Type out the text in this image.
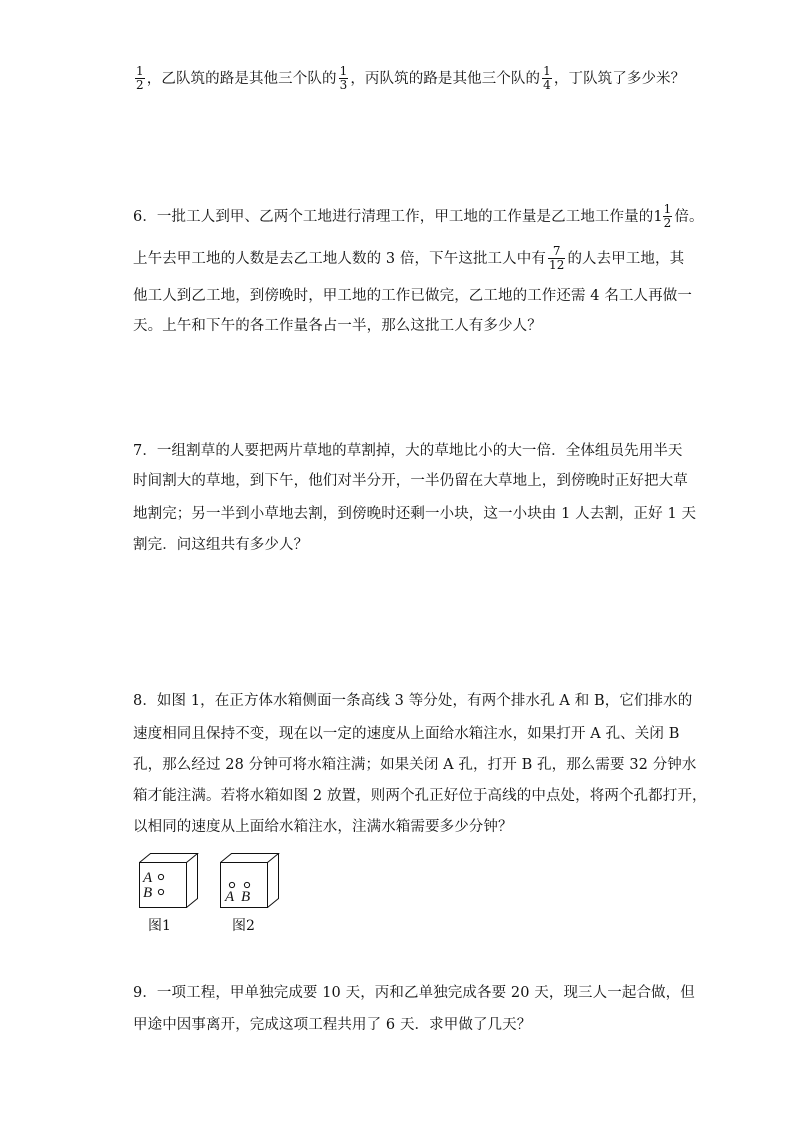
$\frac{1}{2}$ ，乙队筑的路是其他三个队的 $\frac{1}{3}$ ，丙队筑的路是其他三个队的 $\frac{1}{4}$ ，丁队筑了多少米？
6．一批工人到甲、乙两个工地进行清理工作，甲工地的工作量是乙工地工作量的$1 \frac{1}{2}$ 倍。
上午去甲工地的人数是去乙工地人数的 3 倍，下午这批工人中有 $\frac{7}{12}$ 的人去甲工地，其
他工人到乙工地，到傍晚时，甲工地的工作已做完，乙工地的工作还需 4 名工人再做一
天。上午和下午的各工作量各占一半，那么这批工人有多少人？
7．一组割草的人要把两片草地的草割掉，大的草地比小的大一倍．全体组员先用半天
时间割大的草地，到下午，他们对半分开，一半仍留在大草地上，到傍晚时正好把大草
地割完；另一半到小草地去割，到傍晚时还剩一小块，这一小块由 1 人去割，正好 1 天
割完．问这组共有多少人？
8．如图 1，在正方体水箱侧面一条高线 3 等分处，有两个排水孔 A 和 B，它们排水的
速度相同且保持不变，现在以一定的速度从上面给水箱注水，如果打开 A 孔、关闭 B
孔，那么经过 28 分钟可将水箱注满；如果关闭 A 孔，打开 B 孔，那么需要 32 分钟水
箱才能注满。若将水箱如图 2 放置，则两个孔正好位于高线的中点处，将两个孔都打开，
以相同的速度从上面给水箱注水，注满水箱需要多少分钟？
A
B
图1
A B
图2
9．一项工程，甲单独完成要 10 天，丙和乙单独完成各要 20 天，现三人一起合做，但
甲途中因事离开，完成这项工程共用了 6 天．求甲做了几天？
